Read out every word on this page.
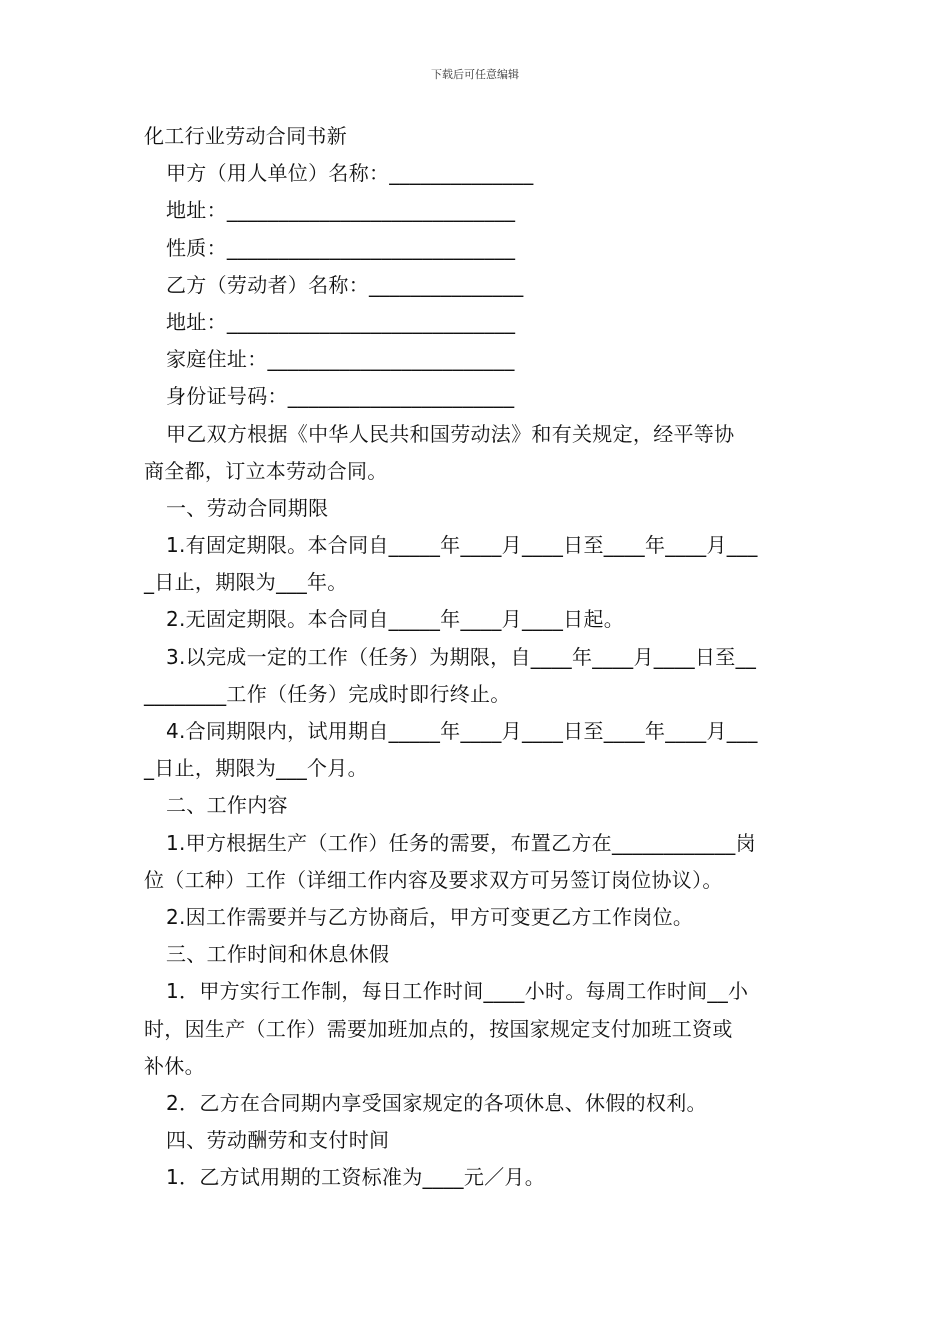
下载后可任意编辑
化工行业劳动合同书新
甲方（用人单位）名称：______________
地址：____________________________
性质：____________________________
乙方（劳动者）名称：_______________
地址：____________________________
家庭住址：________________________
身份证号码：______________________
甲乙双方根据《中华人民共和国劳动法》和有关规定，经平等协
商全都，订立本劳动合同。
一、劳动合同期限
1.有固定期限。本合同自_____年____月____日至____年____月___
_日止，期限为___年。
2.无固定期限。本合同自_____年____月____日起。
3.以完成一定的工作（任务）为期限，自____年____月____日至__
________工作（任务）完成时即行终止。
4.合同期限内，试用期自_____年____月____日至____年____月___
_日止，期限为___个月。
二、工作内容
1.甲方根据生产（工作）任务的需要，布置乙方在____________岗
位（工种）工作（详细工作内容及要求双方可另签订岗位协议）。
2.因工作需要并与乙方协商后，甲方可变更乙方工作岗位。
三、工作时间和休息休假
1．甲方实行工作制，每日工作时间____小时。每周工作时间__小
时，因生产（工作）需要加班加点的，按国家规定支付加班工资或
补休。
2．乙方在合同期内享受国家规定的各项休息、休假的权利。
四、劳动酬劳和支付时间
1．乙方试用期的工资标准为____元／月。
